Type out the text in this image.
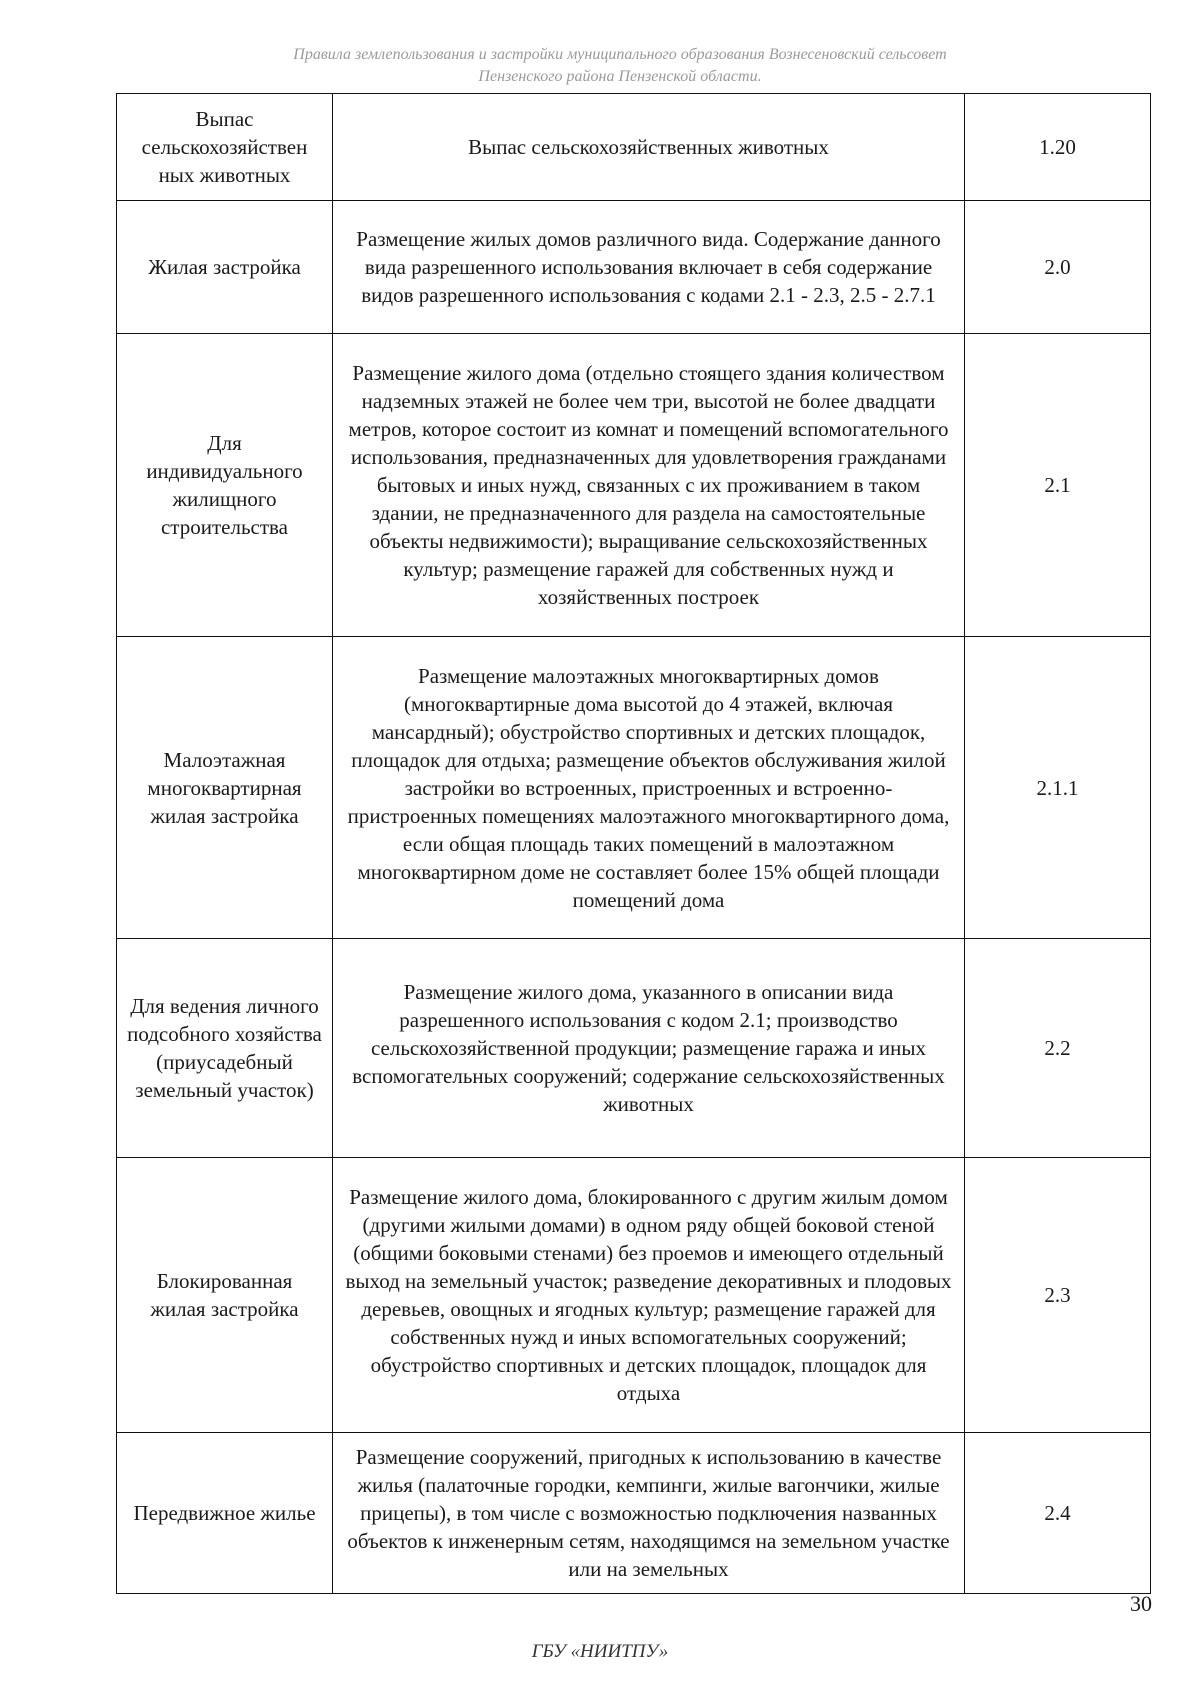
Правила землепользования и застройки муниципального образования Вознесеновский сельсовет
Пензенского района Пензенской области.
Выпас сельскохозяйствен ных животных	Выпас сельскохозяйственных животных	1.20
Жилая застройка	Размещение жилых домов различного вида. Содержание данного вида разрешенного использования включает в себя содержание видов разрешенного использования с кодами 2.1 - 2.3, 2.5 - 2.7.1	2.0
Для индивидуального жилищного строительства	Размещение жилого дома (отдельно стоящего здания количеством надземных этажей не более чем три, высотой не более двадцати метров, которое состоит из комнат и помещений вспомогательного использования, предназначенных для удовлетворения гражданами бытовых и иных нужд, связанных с их проживанием в таком здании, не предназначенного для раздела на самостоятельные объекты недвижимости); выращивание сельскохозяйственных культур; размещение гаражей для собственных нужд и хозяйственных построек	2.1
Малоэтажная многоквартирная жилая застройка	Размещение малоэтажных многоквартирных домов (многоквартирные дома высотой до 4 этажей, включая мансардный); обустройство спортивных и детских площадок, площадок для отдыха; размещение объектов обслуживания жилой застройки во встроенных, пристроенных и встроенно-пристроенных помещениях малоэтажного многоквартирного дома, если общая площадь таких помещений в малоэтажном многоквартирном доме не составляет более 15% общей площади помещений дома	2.1.1
Для ведения личного подсобного хозяйства (приусадебный земельный участок)	Размещение жилого дома, указанного в описании вида разрешенного использования с кодом 2.1; производство сельскохозяйственной продукции; размещение гаража и иных вспомогательных сооружений; содержание сельскохозяйственных животных	2.2
Блокированная жилая застройка	Размещение жилого дома, блокированного с другим жилым домом (другими жилыми домами) в одном ряду общей боковой стеной (общими боковыми стенами) без проемов и имеющего отдельный выход на земельный участок; разведение декоративных и плодовых деревьев, овощных и ягодных культур; размещение гаражей для собственных нужд и иных вспомогательных сооружений; обустройство спортивных и детских площадок, площадок для отдыха	2.3
Передвижное жилье	Размещение сооружений, пригодных к использованию в качестве жилья (палаточные городки, кемпинги, жилые вагончики, жилые прицепы), в том числе с возможностью подключения названных объектов к инженерным сетям, находящимся на земельном участке или на земельных	2.4
30
ГБУ «НИИТПУ»
